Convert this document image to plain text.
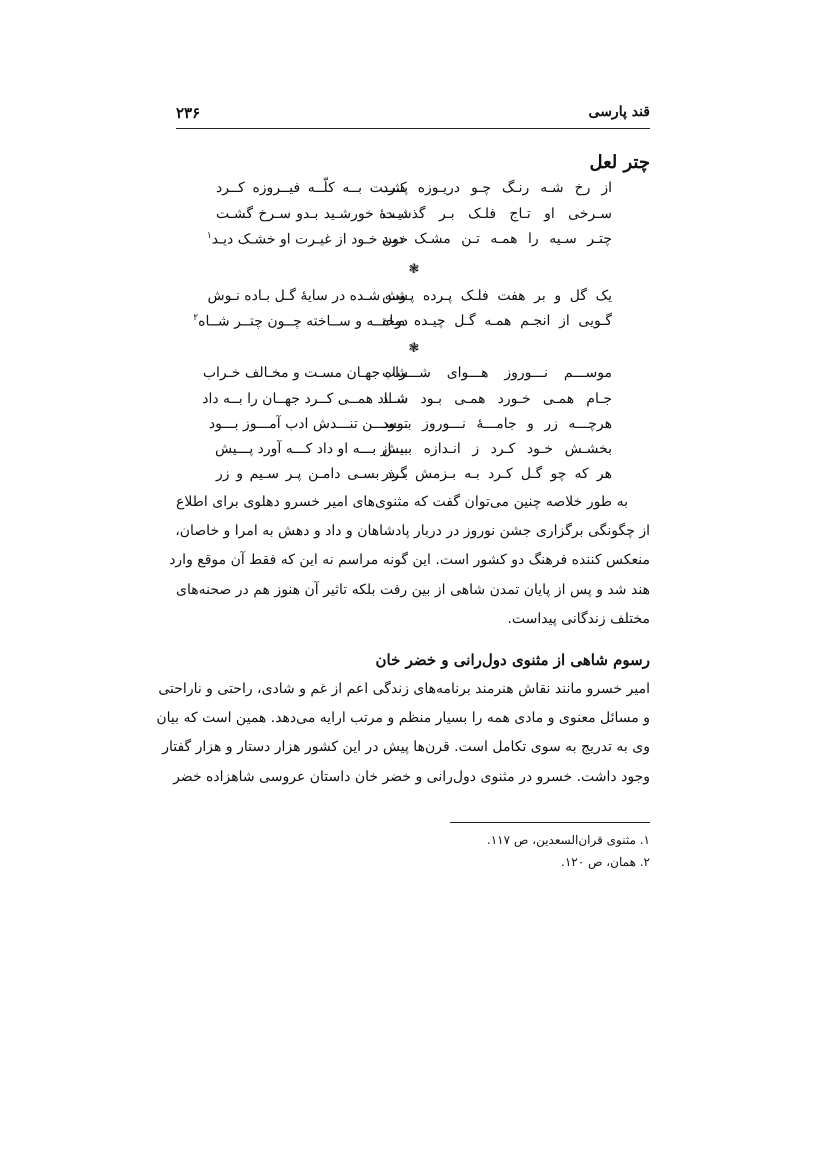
قند پارسی
۲۳۶
چتر لعل
از رخ شـه رنـگ چـو دریـوزه کـرد
پشــت بــه کلّــه فیــروزه کــرد
سـرخی او تـاج فلـک بـر گذشـت
دیـدهٔ خورشـید بـدو سـرخ گشـت
چتـر سـیه را همـه تـن مشـک دیـد
خون خـود از غیـرت او خشـک دیـد$^۱$
❃
یک گل و بر هفت فلـک پـرده پـوش
شـه شـده در سایهٔ گـل بـاده نـوش
گـویی از انجـم همـه گـل چیـده مـاه
دوختــه و ســاخته چــون چتــر شــاه$^۲$
❃
موســـم نـــوروز هـــوای شـــراب
شاه جهـان مسـت و مخـالف خـراب
جـام همـی خـورد همـی بـود شـاد
شــاد همــی کــرد جهــان را بــه داد
هرچـــه زر و جامـــهٔ نـــوروز بـــود
توســـن تنـــدش ادب آمـــوز بـــود
بخشـش خـود کـرد ز انـدازه بـیش
بـــاز بـــه او داد کـــه آورد پـــیش
هر که چو گـل کـرد بـه بـزمش گـذر
بـرد بسـی دامـن پـر سـیم و زر
به طور خلاصه چنین می‌توان گفت که مثنوی‌های امیر خسرو دهلوی برای اطلاع
از چگونگی برگزاری جشن نوروز در دربار پادشاهان و داد و دهش به امرا و خاصان،
منعکس کننده فرهنگ دو کشور است. این گونه مراسم نه این که فقط آن موقع وارد
هند شد و پس از پایان تمدن شاهی از بین رفت بلکه تاثیر آن هنوز هم در صحنه‌های
مختلف زندگانی پیداست.
رسوم شاهی از مثنوی دول‌رانی و خضر خان
امیر خسرو مانند نقاش هنرمند برنامه‌های زندگی اعم از غم و شادی، راحتی و ناراحتی
و مسائل معنوی و مادی همه را بسیار منظم و مرتب ارایه می‌دهد. همین است که بیان
وی به تدریج به سوی تکامل است. قرن‌ها پیش در این کشور هزار دستار و هزار گفتار
وجود داشت. خسرو در مثنوی دول‌رانی و خضر خان داستان عروسی شاهزاده خضر
۱. مثنوی قران‌السعدین، ص ۱۱۷.
۲. همان، ص ۱۲۰.
